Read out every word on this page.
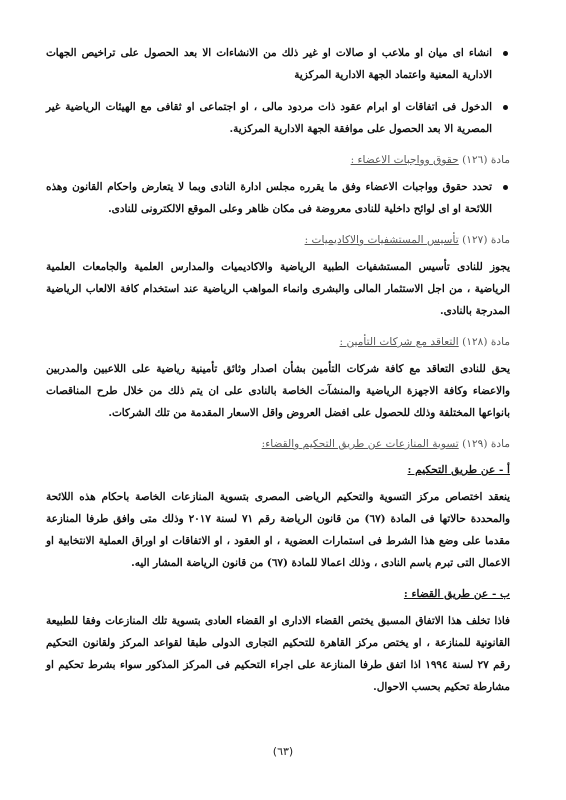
انشاء اى ميان او ملاعب او صالات او غير ذلك من الانشاءات الا بعد الحصول على تراخيص الجهات الادارية المعنية واعتماد الجهة الادارية المركزية
الدخول فى اتفاقات او ابرام عقود ذات مردود مالى ، او اجتماعى او ثقافى مع الهيئات الرياضية غير المصرية الا بعد الحصول على موافقة الجهة الادارية المركزية.
مادة (١٢٦) حقوق وواجبات الاعضاء :
تحدد حقوق وواجبات الاعضاء وفق ما يقرره مجلس ادارة النادى وبما لا يتعارض واحكام القانون وهذه اللائحة او اى لوائح داخلية للنادى معروضة فى مكان ظاهر وعلى الموقع الالكترونى للنادى.
مادة (١٢٧) تأسيس المستشفيات والاكاديميات :

يجوز للنادى تأسيس المستشفيات الطبية الرياضية والاكاديميات والمدارس العلمية والجامعات العلمية الرياضية ، من اجل الاستثمار المالى والبشرى وانماء المواهب الرياضية عند استخدام كافة الالعاب الرياضية المدرجة بالنادى.

مادة (١٢٨) التعاقد مع شركات التأمين :

يحق للنادى التعاقد مع كافة شركات التأمين بشأن اصدار وثائق تأمينية رياضية على اللاعبين والمدربين والاعضاء وكافة الاجهزة الرياضية والمنشآت الخاصة بالنادى على ان يتم ذلك من خلال طرح المناقصات بانواعها المختلفة وذلك للحصول على افضل العروض واقل الاسعار المقدمة من تلك الشركات.

مادة (١٢٩) تسوية المنازعات عن طريق التحكيم والقضاء:
أ - عن طريق التحكيم :

ينعقد اختصاص مركز التسوية والتحكيم الرياضى المصرى بتسوية المنازعات الخاصة باحكام هذه اللائحة والمحددة حالاتها فى المادة (٦٧) من قانون الرياضة رقم ٧١ لسنة ٢٠١٧ وذلك متى وافق طرفا المنازعة مقدما على وضع هذا الشرط فى استمارات العضوية ، او العقود ، او الاتفاقات او اوراق العملية الانتخابية او الاعمال التى تبرم باسم النادى ، وذلك اعمالا للمادة (٦٧) من قانون الرياضة المشار اليه.

ب - عن طريق القضاء :

فاذا تخلف هذا الاتفاق المسبق يختص القضاء الادارى او القضاء العادى بتسوية تلك المنازعات وفقا للطبيعة القانونية للمنازعة ، او يختص مركز القاهرة للتحكيم التجارى الدولى طبقا لقواعد المركز ولقانون التحكيم رقم ٢٧ لسنة ١٩٩٤ اذا اتفق طرفا المنازعة على اجراء التحكيم فى المركز المذكور سواء بشرط تحكيم او مشارطة تحكيم بحسب الاحوال.

(٦٣)
